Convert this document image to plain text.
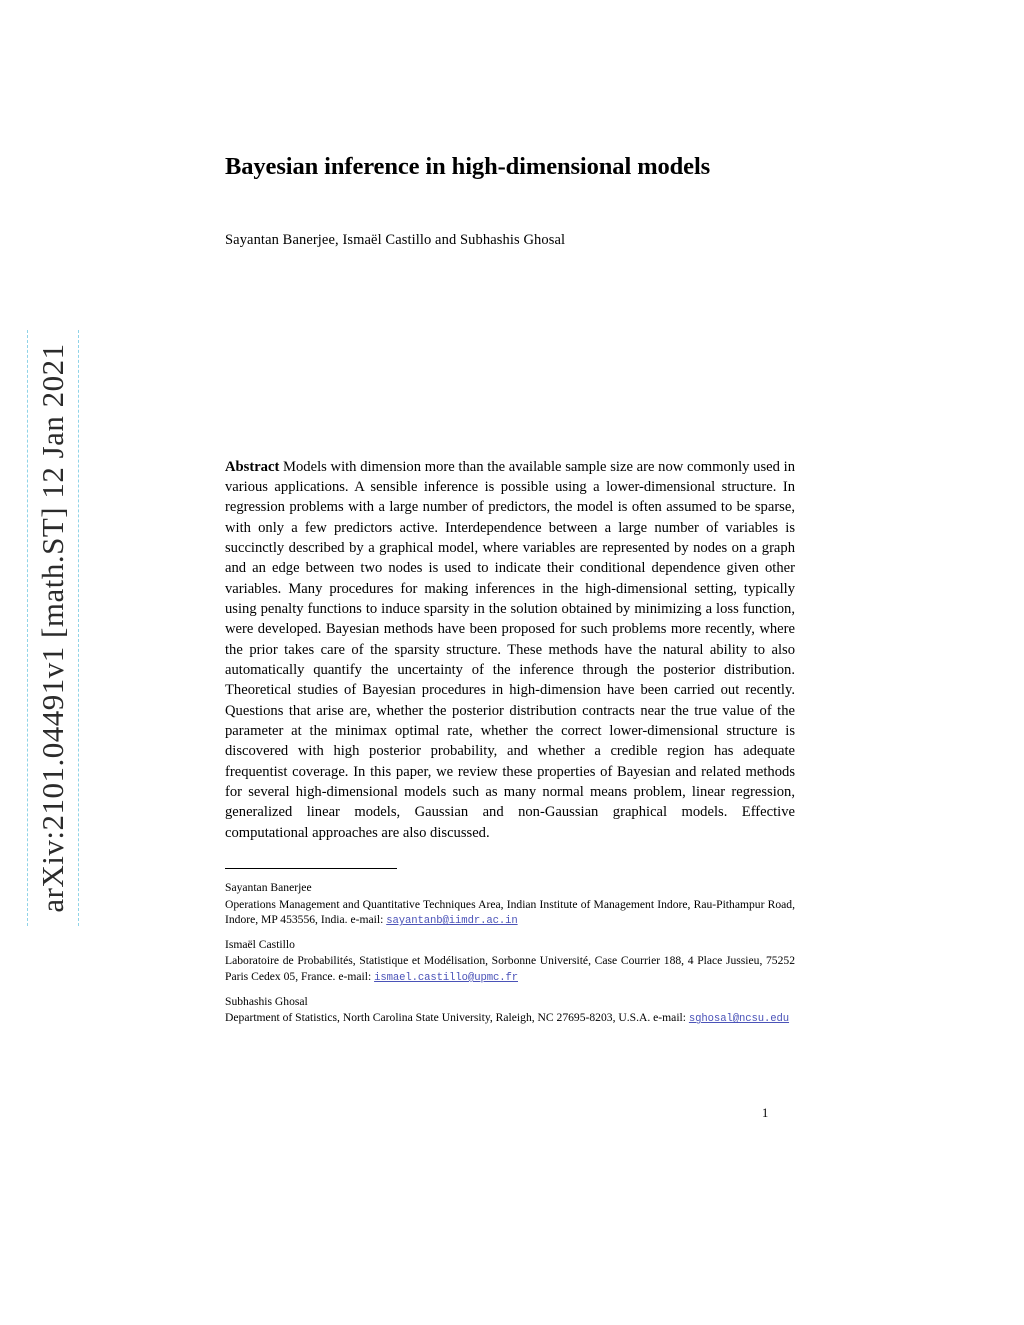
arXiv:2101.04491v1 [math.ST] 12 Jan 2021
Bayesian inference in high-dimensional models

Sayantan Banerjee, Ismaël Castillo and Subhashis Ghosal

Abstract Models with dimension more than the available sample size are now commonly used in various applications. A sensible inference is possible using a lower-dimensional structure. In regression problems with a large number of predictors, the model is often assumed to be sparse, with only a few predictors active. Interdependence between a large number of variables is succinctly described by a graphical model, where variables are represented by nodes on a graph and an edge between two nodes is used to indicate their conditional dependence given other variables. Many procedures for making inferences in the high-dimensional setting, typically using penalty functions to induce sparsity in the solution obtained by minimizing a loss function, were developed. Bayesian methods have been proposed for such problems more recently, where the prior takes care of the sparsity structure. These methods have the natural ability to also automatically quantify the uncertainty of the inference through the posterior distribution. Theoretical studies of Bayesian procedures in high-dimension have been carried out recently. Questions that arise are, whether the posterior distribution contracts near the true value of the parameter at the minimax optimal rate, whether the correct lower-dimensional structure is discovered with high posterior probability, and whether a credible region has adequate frequentist coverage. In this paper, we review these properties of Bayesian and related methods for several high-dimensional models such as many normal means problem, linear regression, generalized linear models, Gaussian and non-Gaussian graphical models. Effective computational approaches are also discussed.

Sayantan Banerjee
Operations Management and Quantitative Techniques Area, Indian Institute of Management Indore, Rau-Pithampur Road, Indore, MP 453556, India. e-mail: sayantanb@iimdr.ac.in
Ismaël Castillo
Laboratoire de Probabilités, Statistique et Modélisation, Sorbonne Université, Case Courrier 188, 4 Place Jussieu, 75252 Paris Cedex 05, France. e-mail: ismael.castillo@upmc.fr
Subhashis Ghosal
Department of Statistics, North Carolina State University, Raleigh, NC 27695-8203, U.S.A. e-mail: sghosal@ncsu.edu
1
